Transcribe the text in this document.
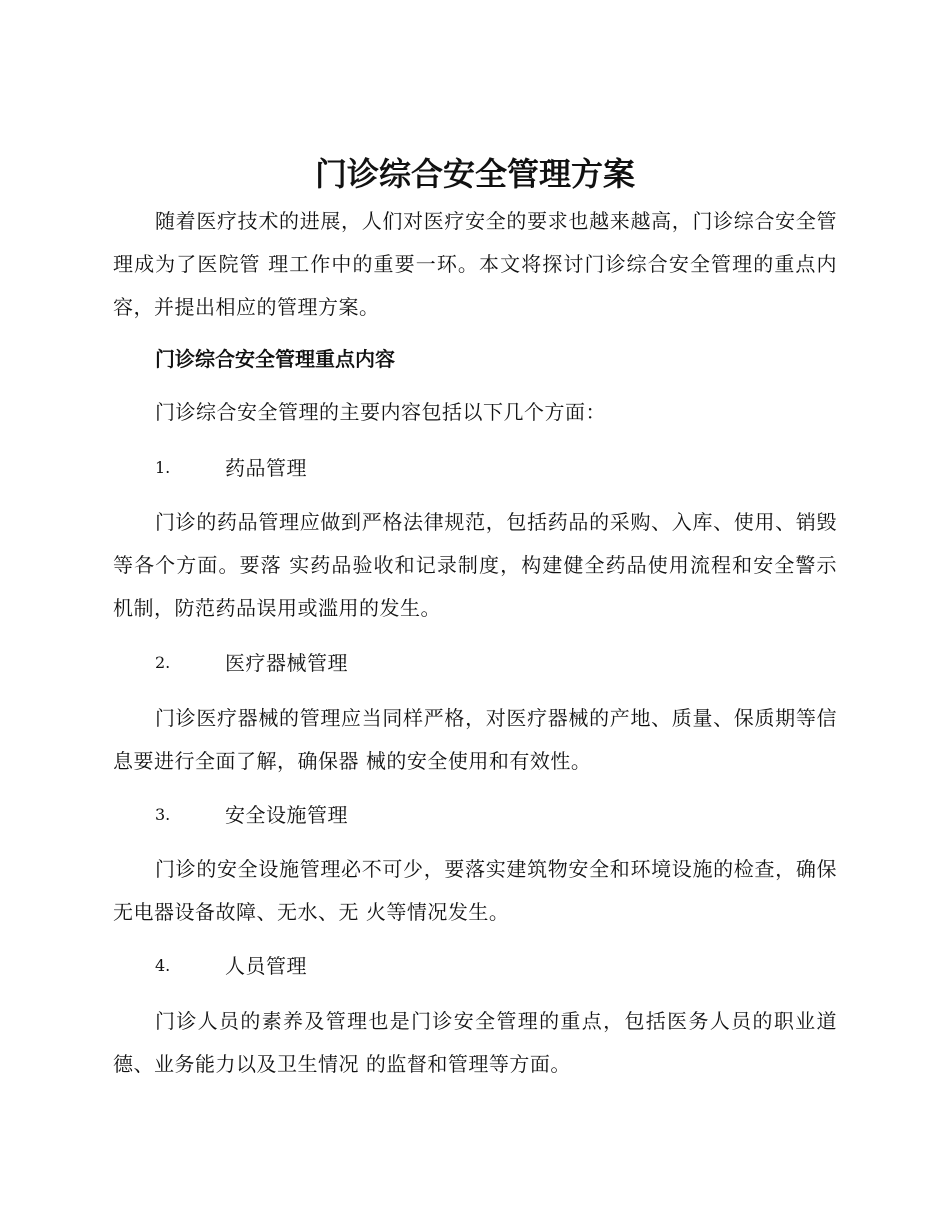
门诊综合安全管理方案

随着医疗技术的进展，人们对医疗安全的要求也越来越高，门诊综合安全管理成为了医院管 理工作中的重要一环。本文将探讨门诊综合安全管理的重点内容，并提出相应的管理方案。

门诊综合安全管理重点内容

门诊综合安全管理的主要内容包括以下几个方面：

1.	药品管理

门诊的药品管理应做到严格法律规范，包括药品的采购、入库、使用、销毁等各个方面。要落 实药品验收和记录制度，构建健全药品使用流程和安全警示机制，防范药品误用或滥用的发生。

2.	医疗器械管理

门诊医疗器械的管理应当同样严格，对医疗器械的产地、质量、保质期等信息要进行全面了解，确保器 械的安全使用和有效性。

3.	安全设施管理

门诊的安全设施管理必不可少，要落实建筑物安全和环境设施的检查，确保无电器设备故障、无水、无 火等情况发生。

4.	人员管理

门诊人员的素养及管理也是门诊安全管理的重点，包括医务人员的职业道德、业务能力以及卫生情况 的监督和管理等方面。
